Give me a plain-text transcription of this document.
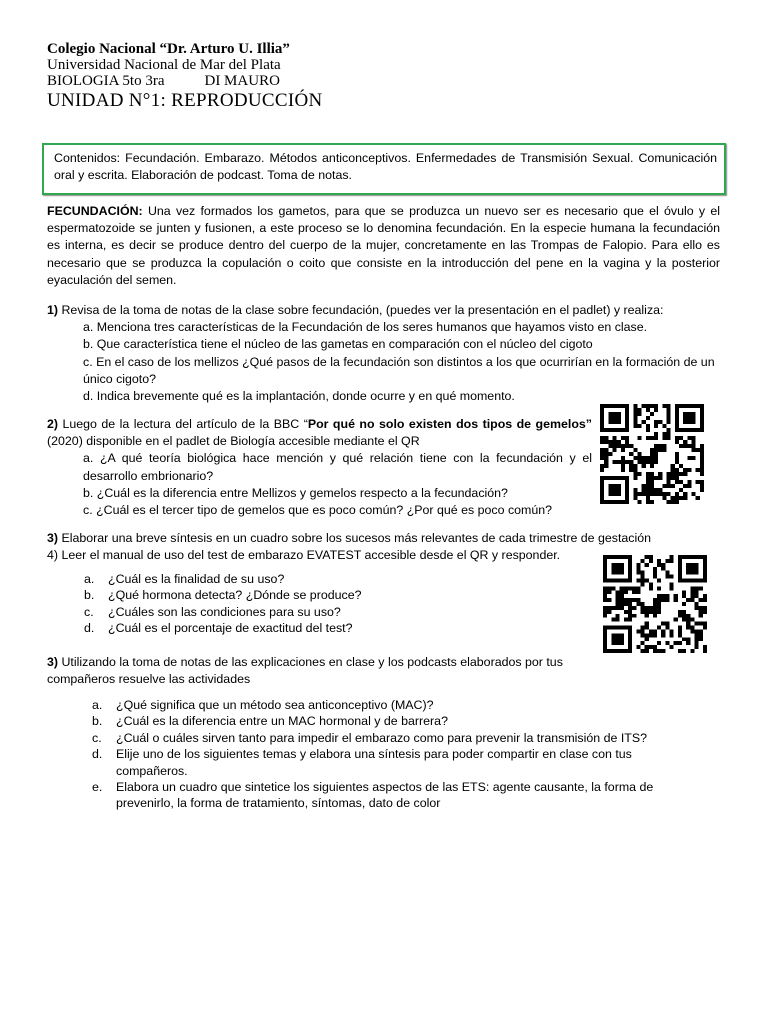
Colegio Nacional “Dr. Arturo U. Illia”
Universidad Nacional de Mar del Plata
BIOLOGIA 5to 3ra	DI MAURO
UNIDAD N°1: REPRODUCCIÓN
Contenidos: Fecundación. Embarazo. Métodos anticonceptivos. Enfermedades de Transmisión Sexual. Comunicación oral y escrita. Elaboración de podcast. Toma de notas.
FECUNDACIÓN: Una vez formados los gametos, para que se produzca un nuevo ser es necesario que el óvulo y el espermatozoide se junten y fusionen, a este proceso se lo denomina fecundación. En la especie humana la fecundación es interna, es decir se produce dentro del cuerpo de la mujer, concretamente en las Trompas de Falopio. Para ello es necesario que se produzca la copulación o coito que consiste en la introducción del pene en la vagina y la posterior eyaculación del semen.
1) Revisa de la toma de notas de la clase sobre fecundación, (puedes ver la presentación en el padlet) y realiza:
a. Menciona tres características de la Fecundación de los seres humanos que hayamos visto en clase.
b. Que característica tiene el núcleo de las gametas en comparación con el núcleo del cigoto
c. En el caso de los mellizos ¿Qué pasos de la fecundación son distintos a los que ocurrirían en la formación de un único cigoto?
d. Indica brevemente qué es la implantación, donde ocurre y en qué momento.
2) Luego de la lectura del artículo de la BBC “Por qué no solo existen dos tipos de gemelos” (2020) disponible en el padlet de Biología accesible mediante el QR
a. ¿A qué teoría biológica hace mención y qué relación tiene con la fecundación y el desarrollo embrionario?
b. ¿Cuál es la diferencia entre Mellizos y gemelos respecto a la fecundación?
c. ¿Cuál es el tercer tipo de gemelos que es poco común? ¿Por qué es poco común?
3) Elaborar una breve síntesis en un cuadro sobre los sucesos más relevantes de cada trimestre de gestación
4) Leer el manual de uso del test de embarazo EVATEST accesible desde el QR y responder.
a. ¿Cuál es la finalidad de su uso?
b. ¿Qué hormona detecta? ¿Dónde se produce?
c. ¿Cuáles son las condiciones para su uso?
d. ¿Cuál es el porcentaje de exactitud del test?
3) Utilizando la toma de notas de las explicaciones en clase y los podcasts elaborados por tus compañeros resuelve las actividades
a. ¿Qué significa que un método sea anticonceptivo (MAC)?
b. ¿Cuál es la diferencia entre un MAC hormonal y de barrera?
c. ¿Cuál o cuáles sirven tanto para impedir el embarazo como para prevenir la transmisión de ITS?
d. Elije uno de los siguientes temas y elabora una síntesis para poder compartir en clase con tus compañeros.
e. Elabora un cuadro que sintetice los siguientes aspectos de las ETS: agente causante, la forma de prevenirlo, la forma de tratamiento, síntomas, dato de color
